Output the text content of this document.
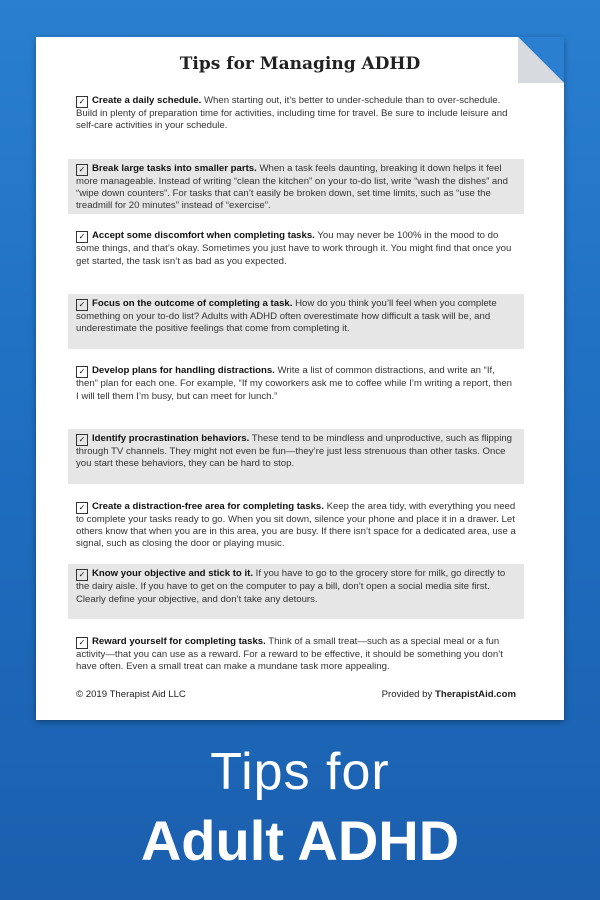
Tips for Managing ADHD
✓ Create a daily schedule. When starting out, it’s better to under-schedule than to over-schedule. Build in plenty of preparation time for activities, including time for travel. Be sure to include leisure and self-care activities in your schedule.
✓ Break large tasks into smaller parts. When a task feels daunting, breaking it down helps it feel more manageable. Instead of writing “clean the kitchen” on your to-do list, write “wash the dishes” and “wipe down counters”. For tasks that can’t easily be broken down, set time limits, such as “use the treadmill for 20 minutes” instead of “exercise”.
✓ Accept some discomfort when completing tasks. You may never be 100% in the mood to do some things, and that’s okay. Sometimes you just have to work through it. You might find that once you get started, the task isn’t as bad as you expected.
✓ Focus on the outcome of completing a task. How do you think you’ll feel when you complete something on your to-do list? Adults with ADHD often overestimate how difficult a task will be, and underestimate the positive feelings that come from completing it.
✓ Develop plans for handling distractions. Write a list of common distractions, and write an “If, then” plan for each one. For example, “If my coworkers ask me to coffee while I’m writing a report, then I will tell them I’m busy, but can meet for lunch.”
✓ Identify procrastination behaviors. These tend to be mindless and unproductive, such as flipping through TV channels. They might not even be fun—they’re just less strenuous than other tasks. Once you start these behaviors, they can be hard to stop.
✓ Create a distraction-free area for completing tasks. Keep the area tidy, with everything you need to complete your tasks ready to go. When you sit down, silence your phone and place it in a drawer. Let others know that when you are in this area, you are busy. If there isn’t space for a dedicated area, use a signal, such as closing the door or playing music.
✓ Know your objective and stick to it. If you have to go to the grocery store for milk, go directly to the dairy aisle. If you have to get on the computer to pay a bill, don’t open a social media site first. Clearly define your objective, and don’t take any detours.
✓ Reward yourself for completing tasks. Think of a small treat—such as a special meal or a fun activity—that you can use as a reward. For a reward to be effective, it should be something you don’t have often. Even a small treat can make a mundane task more appealing.
© 2019 Therapist Aid LLC	Provided by TherapistAid.com
Tips for
Adult ADHD
